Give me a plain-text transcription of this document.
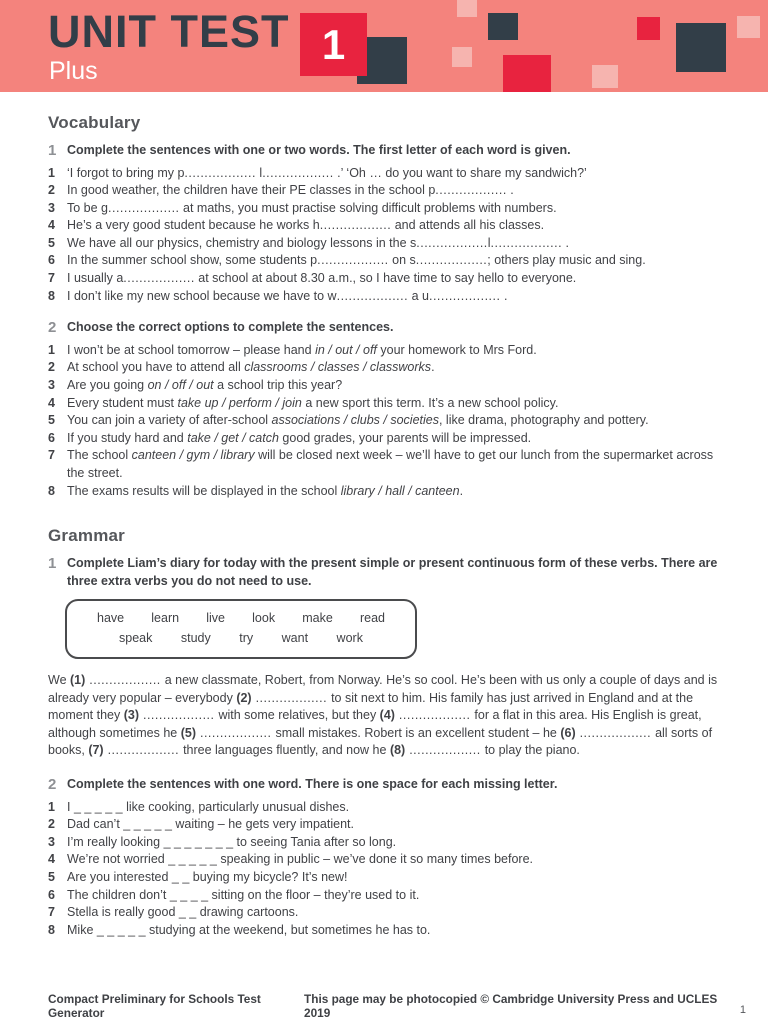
UNIT TEST
Plus
1
Vocabulary
1 Complete the sentences with one or two words. The first letter of each word is given.
1 ‘I forgot to bring my p.................. l.................. .’ ‘Oh … do you want to share my sandwich?’
2 In good weather, the children have their PE classes in the school p.................. .
3 To be g.................. at maths, you must practise solving difficult problems with numbers.
4 He’s a very good student because he works h.................. and attends all his classes.
5 We have all our physics, chemistry and biology lessons in the s..................l.................. .
6 In the summer school show, some students p.................. on s..................; others play music and sing.
7 I usually a.................. at school at about 8.30 a.m., so I have time to say hello to everyone.
8 I don’t like my new school because we have to w.................. a u.................. .
2 Choose the correct options to complete the sentences.
1 I won’t be at school tomorrow – please hand in / out / off your homework to Mrs Ford.
2 At school you have to attend all classrooms / classes / classworks.
3 Are you going on / off / out a school trip this year?
4 Every student must take up / perform / join a new sport this term. It’s a new school policy.
5 You can join a variety of after-school associations / clubs / societies, like drama, photography and pottery.
6 If you study hard and take / get / catch good grades, your parents will be impressed.
7 The school canteen / gym / library will be closed next week – we’ll have to get our lunch from the supermarket across the street.
8 The exams results will be displayed in the school library / hall / canteen.
Grammar
1 Complete Liam’s diary for today with the present simple or present continuous form of these verbs. There are three extra verbs you do not need to use.
have learn live look make read
speak study try want work

We (1) .................. a new classmate, Robert, from Norway. He’s so cool. He’s been with us only a couple of days and is already very popular – everybody (2) .................. to sit next to him. His family has just arrived in England and at the moment they (3) .................. with some relatives, but they (4) .................. for a flat in this area. His English is great, although sometimes he (5) .................. small mistakes. Robert is an excellent student – he (6) .................. all sorts of books, (7) .................. three languages fluently, and now he (8) .................. to play the piano.

2 Complete the sentences with one word. There is one space for each missing letter.
1 I _ _ _ _ _ like cooking, particularly unusual dishes.
2 Dad can’t _ _ _ _ _ waiting – he gets very impatient.
3 I’m really looking _ _ _ _ _ _ _ to seeing Tania after so long.
4 We’re not worried _ _ _ _ _ speaking in public – we’ve done it so many times before.
5 Are you interested _ _ buying my bicycle? It’s new!
6 The children don’t _ _ _ _ sitting on the floor – they’re used to it.
7 Stella is really good _ _ drawing cartoons.
8 Mike _ _ _ _ _ studying at the weekend, but sometimes he has to.
Compact Preliminary for Schools Test Generator
This page may be photocopied © Cambridge University Press and UCLES 2019	1
